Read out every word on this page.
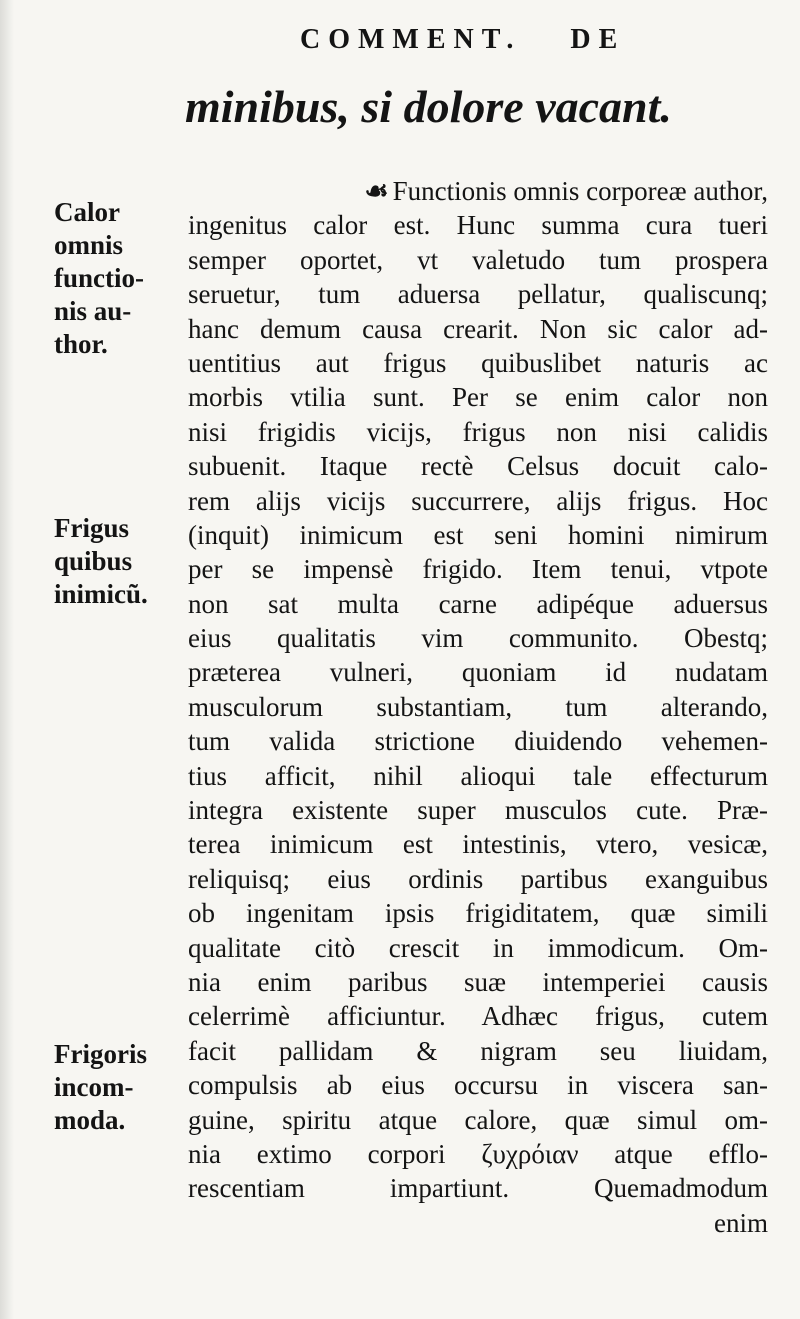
COMMENT. DE
minibus, si dolore vacant.
Calor
omnis
functio-
nis au-
thor.
Frigus
quibus
inimicũ.
Frigoris
incom-
moda.
☙ Functionis omnis corporeæ author,
ingenitus calor est. Hunc summa cura tueri
semper oportet, vt valetudo tum prospera
seruetur, tum aduersa pellatur, qualiscunq;
hanc demum causa crearit. Non sic calor ad-
uentitius aut frigus quibuslibet naturis ac
morbis vtilia sunt. Per se enim calor non
nisi frigidis vicijs, frigus non nisi calidis
subuenit. Itaque rectè Celsus docuit calo-
rem alijs vicijs succurrere, alijs frigus. Hoc
(inquit) inimicum est seni homini nimirum
per se impensè frigido. Item tenui, vtpote
non sat multa carne adipéque aduersus
eius qualitatis vim communito. Obestq;
præterea vulneri, quoniam id nudatam
musculorum substantiam, tum alterando,
tum valida strictione diuidendo vehemen-
tius afficit, nihil alioqui tale effecturum
integra existente super musculos cute. Præ-
terea inimicum est intestinis, vtero, vesicæ,
reliquisq; eius ordinis partibus exanguibus
ob ingenitam ipsis frigiditatem, quæ simili
qualitate citò crescit in immodicum. Om-
nia enim paribus suæ intemperiei causis
celerrimè afficiuntur. Adhæc frigus, cutem
facit pallidam & nigram seu liuidam,
compulsis ab eius occursu in viscera san-
guine, spiritu atque calore, quæ simul om-
nia extimo corpori ζυχρόιαν atque efflo-
rescentiam impartiunt. Quemadmodum
enim
